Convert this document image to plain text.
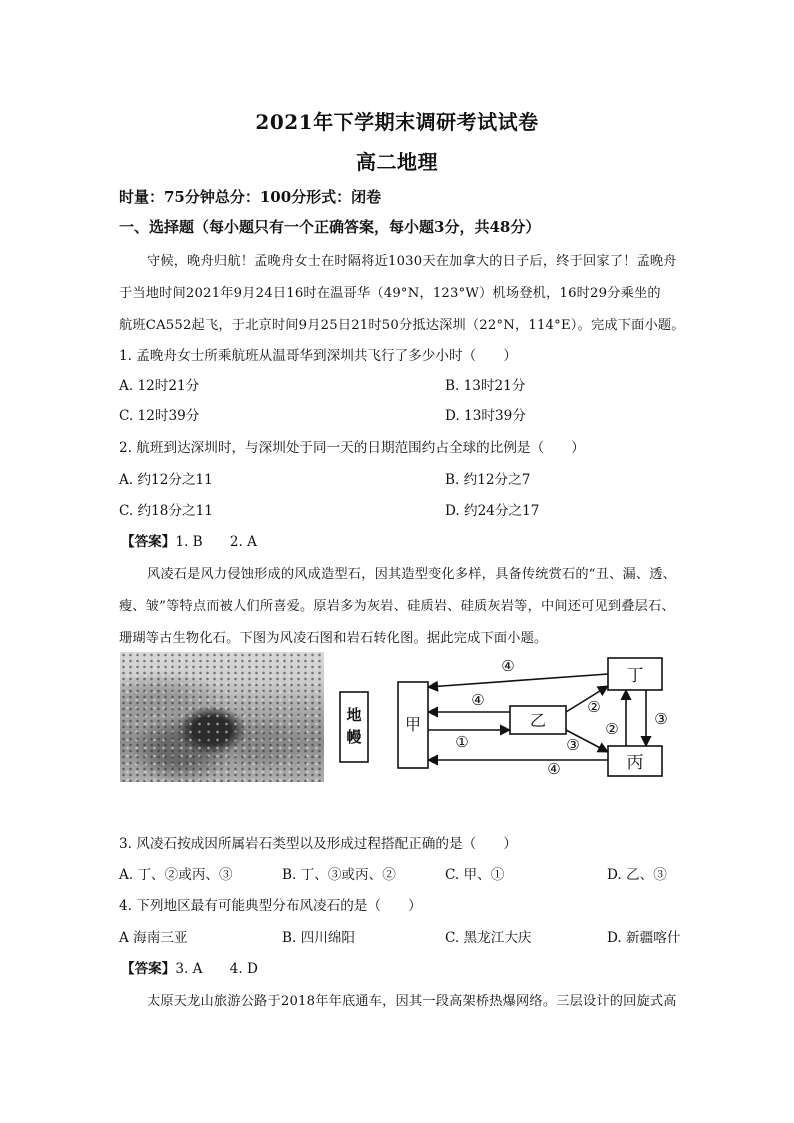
2021年下学期末调研考试试卷
高二地理
时量：75分钟总分：100分形式：闭卷
一、选择题（每小题只有一个正确答案，每小题3分，共48分）
守候，晚舟归航！孟晚舟女士在时隔将近1030天在加拿大的日子后，终于回家了！孟晚舟
于当地时间2021年9月24日16时在温哥华（49°N，123°W）机场登机，16时29分乘坐的
航班CA552起飞，于北京时间9月25日21时50分抵达深圳（22°N，114°E）。完成下面小题。
1. 孟晚舟女士所乘航班从温哥华到深圳共飞行了多少小时（　　）
A. 12时21分	B. 13时21分
C. 12时39分	D. 13时39分
2. 航班到达深圳时，与深圳处于同一天的日期范围约占全球的比例是（　　）
A. 约12分之11	B. 约12分之7
C. 约18分之11	D. 约24分之17
【答案】1. B　　2. A
风凌石是风力侵蚀形成的风成造型石，因其造型变化多样，具备传统赏石的“丑、漏、透、
瘦、皱”等特点而被人们所喜爱。原岩多为灰岩、硅质岩、硅质灰岩等，中间还可见到叠层石、
珊瑚等古生物化石。下图为风凌石图和岩石转化图。据此完成下面小题。
地
幔
甲	乙
丁
丙
④
④
①
②
③
②
③
④
3. 风凌石按成因所属岩石类型以及形成过程搭配正确的是（　　）
A. 丁、②或丙、③	B. 丁、③或丙、②	C. 甲、①	D. 乙、③
4. 下列地区最有可能典型分布风凌石的是（　　）
A 海南三亚	B. 四川绵阳	C. 黑龙江大庆	D. 新疆喀什
【答案】3. A　　4. D
太原天龙山旅游公路于2018年年底通车，因其一段高架桥热爆网络。三层设计的回旋式高
